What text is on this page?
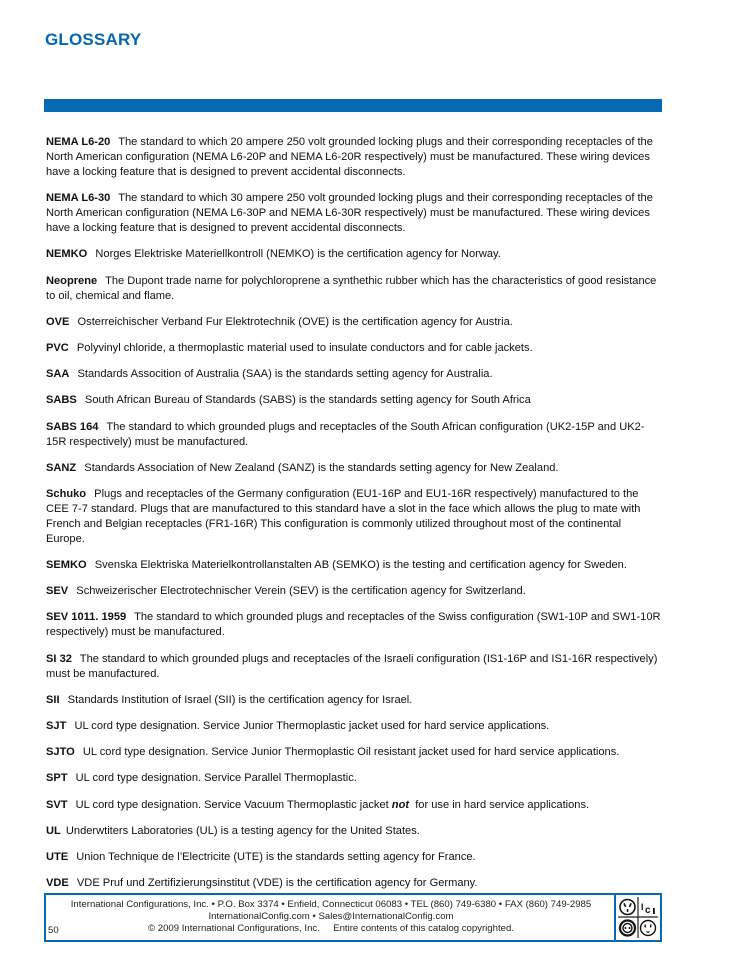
GLOSSARY

NEMA L6-20 The standard to which 20 ampere 250 volt grounded locking plugs and their corresponding receptacles of the North American configuration (NEMA L6-20P and NEMA L6-20R respectively) must be manufactured. These wiring devices have a locking feature that is designed to prevent accidental disconnects.

NEMA L6-30 The standard to which 30 ampere 250 volt grounded locking plugs and their corresponding receptacles of the North American configuration (NEMA L6-30P and NEMA L6-30R respectively) must be manufactured. These wiring devices have a locking feature that is designed to prevent accidental disconnects.

NEMKO Norges Elektriske Materiellkontroll (NEMKO) is the certification agency for Norway.

Neoprene The Dupont trade name for polychloroprene a synthethic rubber which has the characteristics of good resistance to oil, chemical and flame.

OVE Osterreichischer Verband Fur Elektrotechnik (OVE) is the certification agency for Austria.

PVC Polyvinyl chloride, a thermoplastic material used to insulate conductors and for cable jackets.

SAA Standards Assocition of Australia (SAA) is the standards setting agency for Australia.

SABS South African Bureau of Standards (SABS) is the standards setting agency for South Africa

SABS 164 The standard to which grounded plugs and receptacles of the South African configuration (UK2-15P and UK2-15R respectively) must be manufactured.

SANZ Standards Association of New Zealand (SANZ) is the standards setting agency for New Zealand.

Schuko Plugs and receptacles of the Germany configuration (EU1-16P and EU1-16R respectively) manufactured to the CEE 7-7 standard. Plugs that are manufactured to this standard have a slot in the face which allows the plug to mate with French and Belgian receptacles (FR1-16R) This configuration is commonly utilized throughout most of the continental Europe.

SEMKO Svenska Elektriska Materielkontrollanstalten AB (SEMKO) is the testing and certification agency for Sweden.

SEV Schweizerischer Electrotechnischer Verein (SEV) is the certification agency for Switzerland.

SEV 1011. 1959 The standard to which grounded plugs and receptacles of the Swiss configuration (SW1-10P and SW1-10R respectively) must be manufactured.

SI 32 The standard to which grounded plugs and receptacles of the Israeli configuration (IS1-16P and IS1-16R respectively) must be manufactured.

SII Standards Institution of Israel (SII) is the certification agency for Israel.

SJT UL cord type designation. Service Junior Thermoplastic jacket used for hard service applications.

SJTO UL cord type designation. Service Junior Thermoplastic Oil resistant jacket used for hard service applications.

SPT UL cord type designation. Service Parallel Thermoplastic.

SVT UL cord type designation. Service Vacuum Thermoplastic jacket not  for use in hard service applications.

UL Underwtiters Laboratories (UL) is a testing agency for the United States.

UTE Union Technique de l’Electricite (UTE) is the standards setting agency for France.

VDE VDE Pruf und Zertifizierungsinstitut (VDE) is the certification agency for Germany.

International Configurations, Inc. • P.O. Box 3374 • Enfield, Connecticut 06083 • TEL (860) 749-6380 • FAX (860) 749-2985
InternationalConfig.com • Sales@InternationalConfig.com
© 2009 International Configurations, Inc.     Entire contents of this catalog copyrighted.
50
I c
